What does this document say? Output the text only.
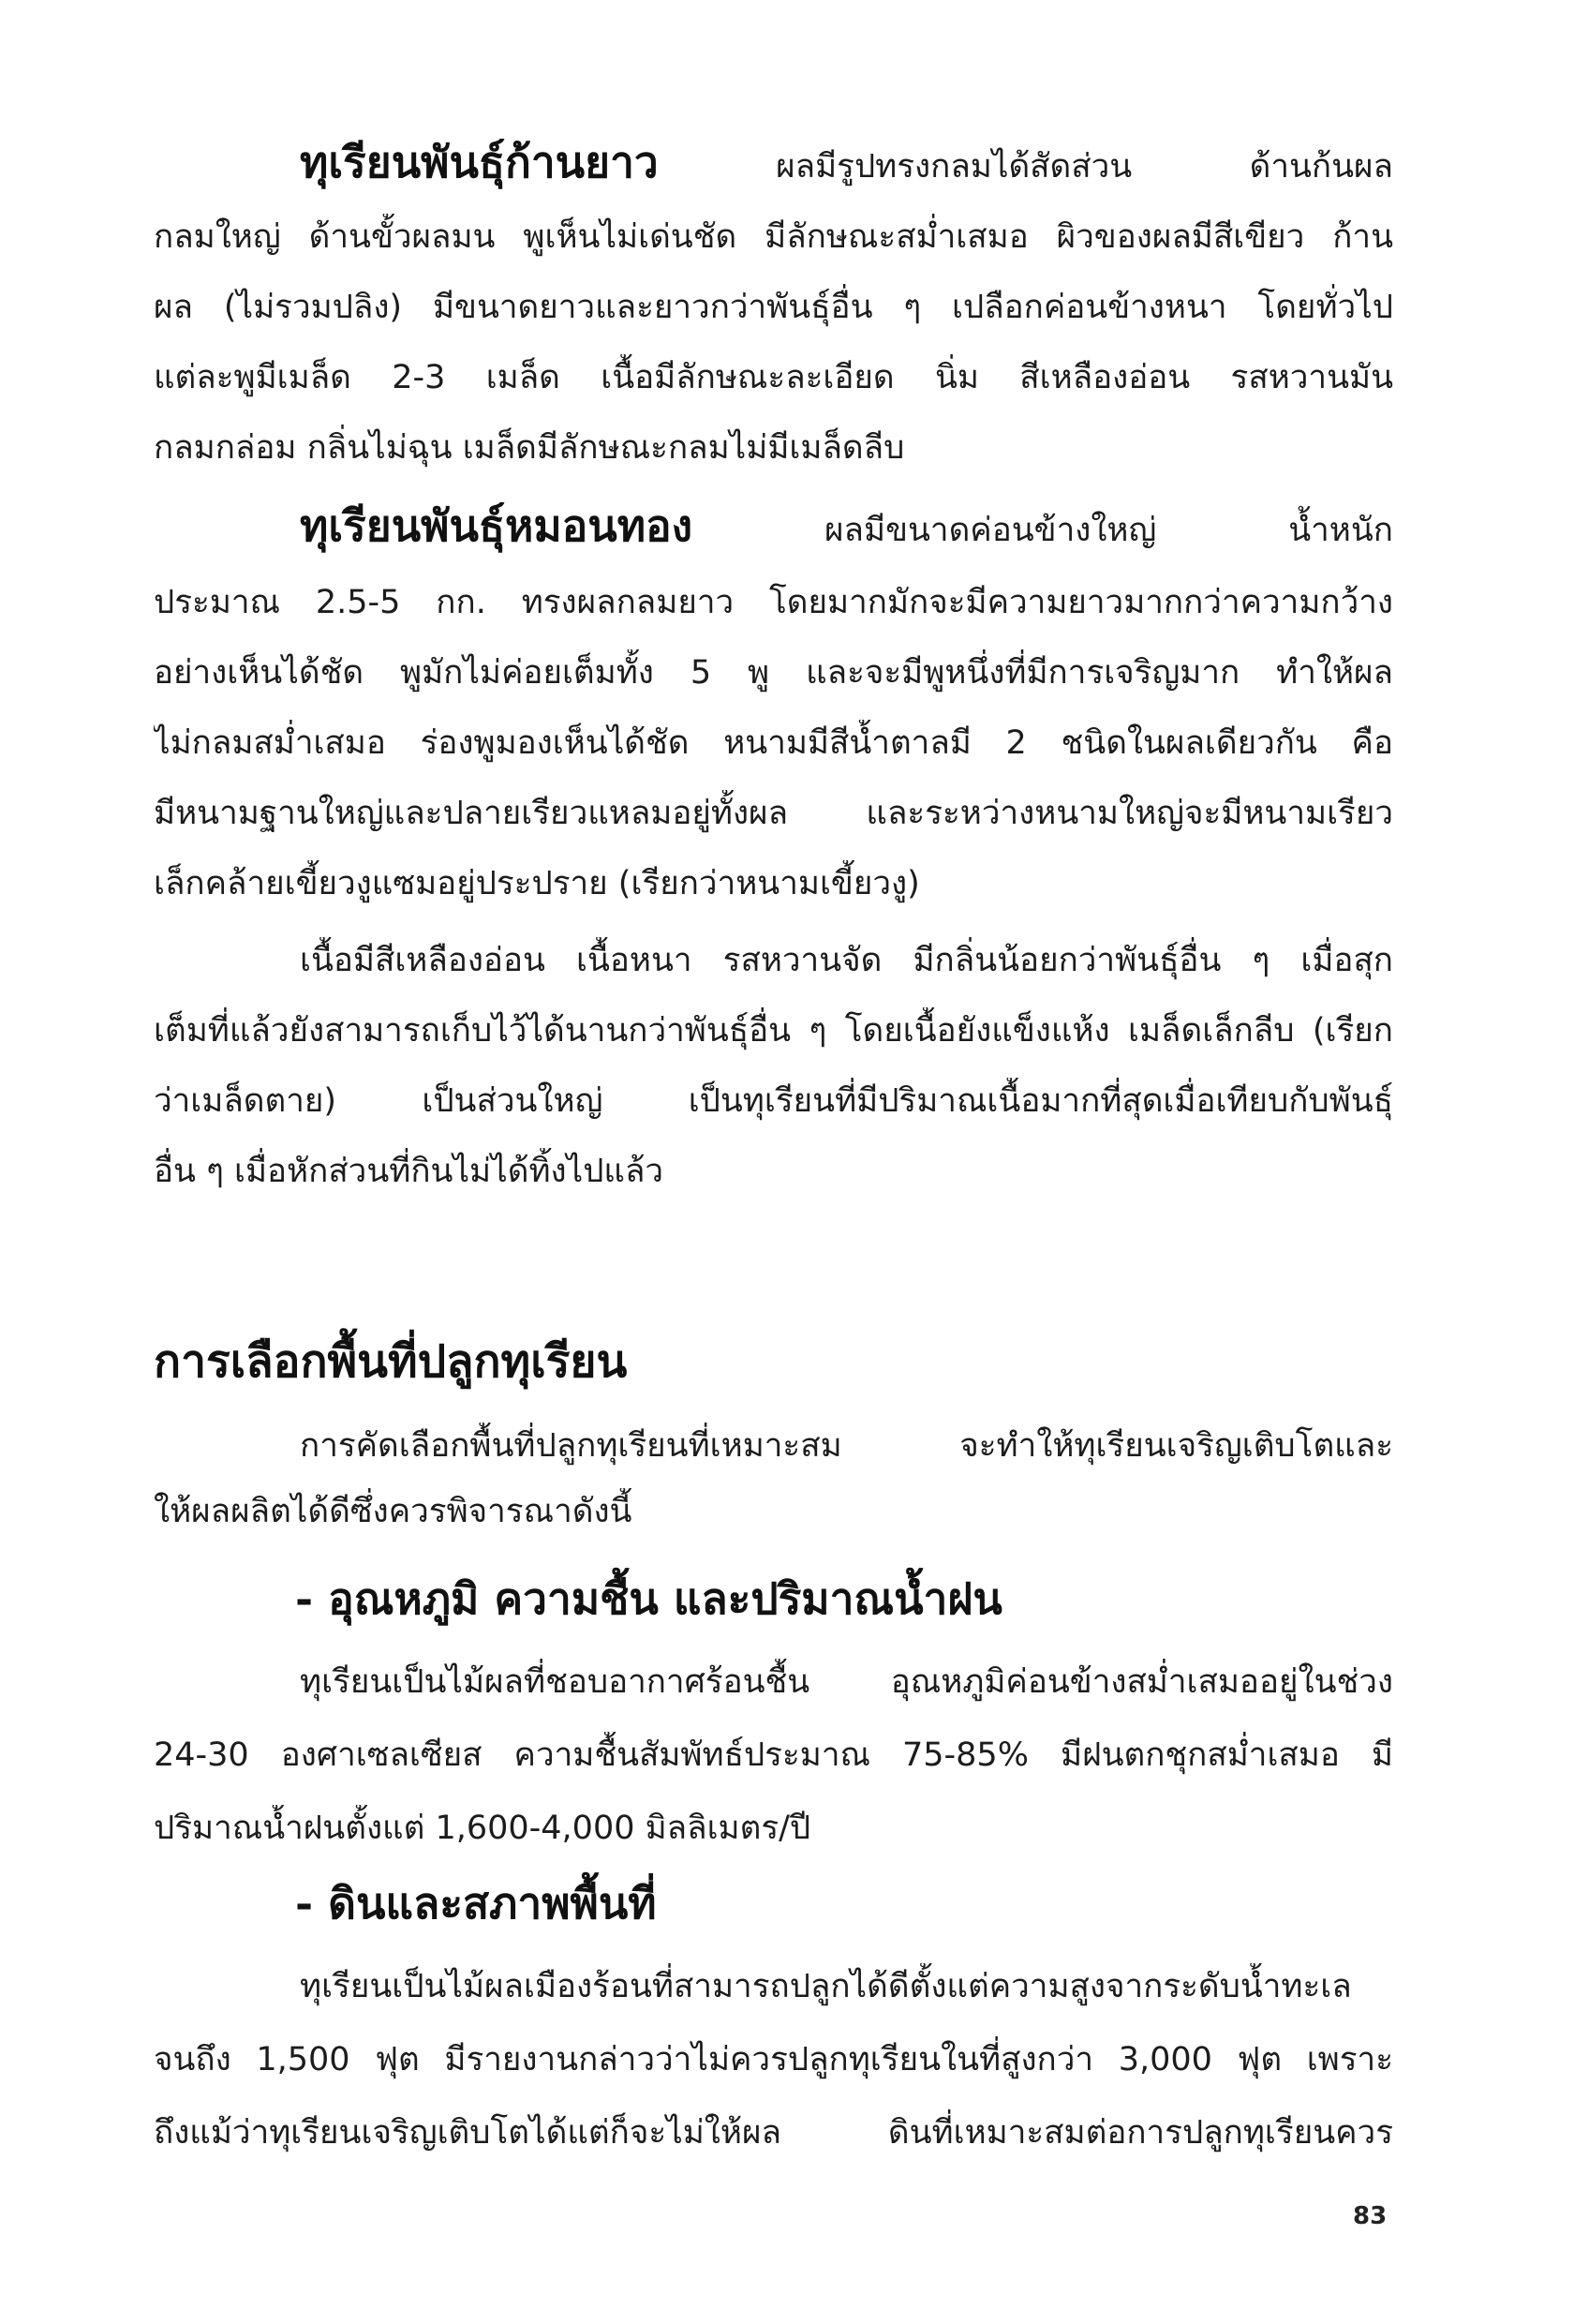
ทุเรียนพันธุ์ก้านยาว	ผลมีรูปทรงกลมได้สัดส่วน ด้านก้นผล
กลมใหญ่ ด้านขั้วผลมน พูเห็นไม่เด่นชัด มีลักษณะสม่ำเสมอ ผิวของผลมีสีเขียว ก้าน
ผล (ไม่รวมปลิง) มีขนาดยาวและยาวกว่าพันธุ์อื่น ๆ เปลือกค่อนข้างหนา โดยทั่วไป
แต่ละพูมีเมล็ด 2-3 เมล็ด เนื้อมีลักษณะละเอียด นิ่ม สีเหลืองอ่อน รสหวานมัน
กลมกล่อม กลิ่นไม่ฉุน เมล็ดมีลักษณะกลมไม่มีเมล็ดลีบ
ทุเรียนพันธุ์หมอนทอง	ผลมีขนาดค่อนข้างใหญ่ น้ำหนัก
ประมาณ 2.5-5 กก. ทรงผลกลมยาว โดยมากมักจะมีความยาวมากกว่าความกว้าง
อย่างเห็นได้ชัด พูมักไม่ค่อยเต็มทั้ง 5 พู และจะมีพูหนึ่งที่มีการเจริญมาก ทำให้ผล
ไม่กลมสม่ำเสมอ ร่องพูมองเห็นได้ชัด หนามมีสีน้ำตาลมี 2 ชนิดในผลเดียวกัน คือ
มีหนามฐานใหญ่และปลายเรียวแหลมอยู่ทั้งผล และระหว่างหนามใหญ่จะมีหนามเรียว
เล็กคล้ายเขี้ยวงูแซมอยู่ประปราย (เรียกว่าหนามเขี้ยวงู)
เนื้อมีสีเหลืองอ่อน เนื้อหนา รสหวานจัด มีกลิ่นน้อยกว่าพันธุ์อื่น ๆ เมื่อสุก
เต็มที่แล้วยังสามารถเก็บไว้ได้นานกว่าพันธุ์อื่น ๆ โดยเนื้อยังแข็งแห้ง เมล็ดเล็กลีบ (เรียก
ว่าเมล็ดตาย) เป็นส่วนใหญ่ เป็นทุเรียนที่มีปริมาณเนื้อมากที่สุดเมื่อเทียบกับพันธุ์
อื่น ๆ เมื่อหักส่วนที่กินไม่ได้ทิ้งไปแล้ว
การเลือกพื้นที่ปลูกทุเรียน
การคัดเลือกพื้นที่ปลูกทุเรียนที่เหมาะสม จะทำให้ทุเรียนเจริญเติบโตและ
ให้ผลผลิตได้ดีซึ่งควรพิจารณาดังนี้
- อุณหภูมิ ความชื้น และปริมาณน้ำฝน
ทุเรียนเป็นไม้ผลที่ชอบอากาศร้อนชื้น อุณหภูมิค่อนข้างสม่ำเสมออยู่ในช่วง
24-30 องศาเซลเซียส ความชื้นสัมพัทธ์ประมาณ 75-85% มีฝนตกชุกสม่ำเสมอ มี
ปริมาณน้ำฝนตั้งแต่ 1,600-4,000 มิลลิเมตร/ปี
- ดินและสภาพพื้นที่
ทุเรียนเป็นไม้ผลเมืองร้อนที่สามารถปลูกได้ดีตั้งแต่ความสูงจากระดับน้ำทะเล
จนถึง 1,500 ฟุต มีรายงานกล่าวว่าไม่ควรปลูกทุเรียนในที่สูงกว่า 3,000 ฟุต เพราะ
ถึงแม้ว่าทุเรียนเจริญเติบโตได้แต่ก็จะไม่ให้ผล ดินที่เหมาะสมต่อการปลูกทุเรียนควร
83
